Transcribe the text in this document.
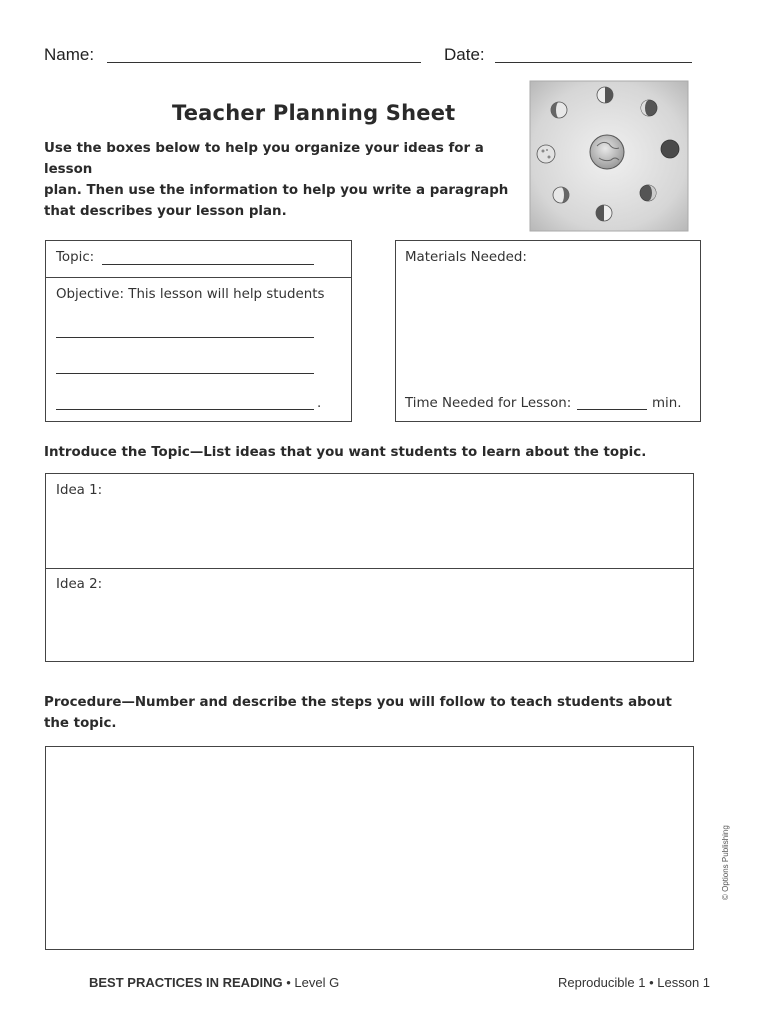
Name:	Date:
Teacher Planning Sheet
Use the boxes below to help you organize your ideas for a lesson
plan. Then use the information to help you write a paragraph
that describes your lesson plan.
Topic:
Objective: This lesson will help students
.
Materials Needed:
Time Needed for Lesson:	min.
Introduce the Topic—List ideas that you want students to learn about the topic.
Idea 1:
Idea 2:
Procedure—Number and describe the steps you will follow to teach students about
the topic.
© Options Publishing
BEST PRACTICES IN READING • Level G	Reproducible 1 • Lesson 1
